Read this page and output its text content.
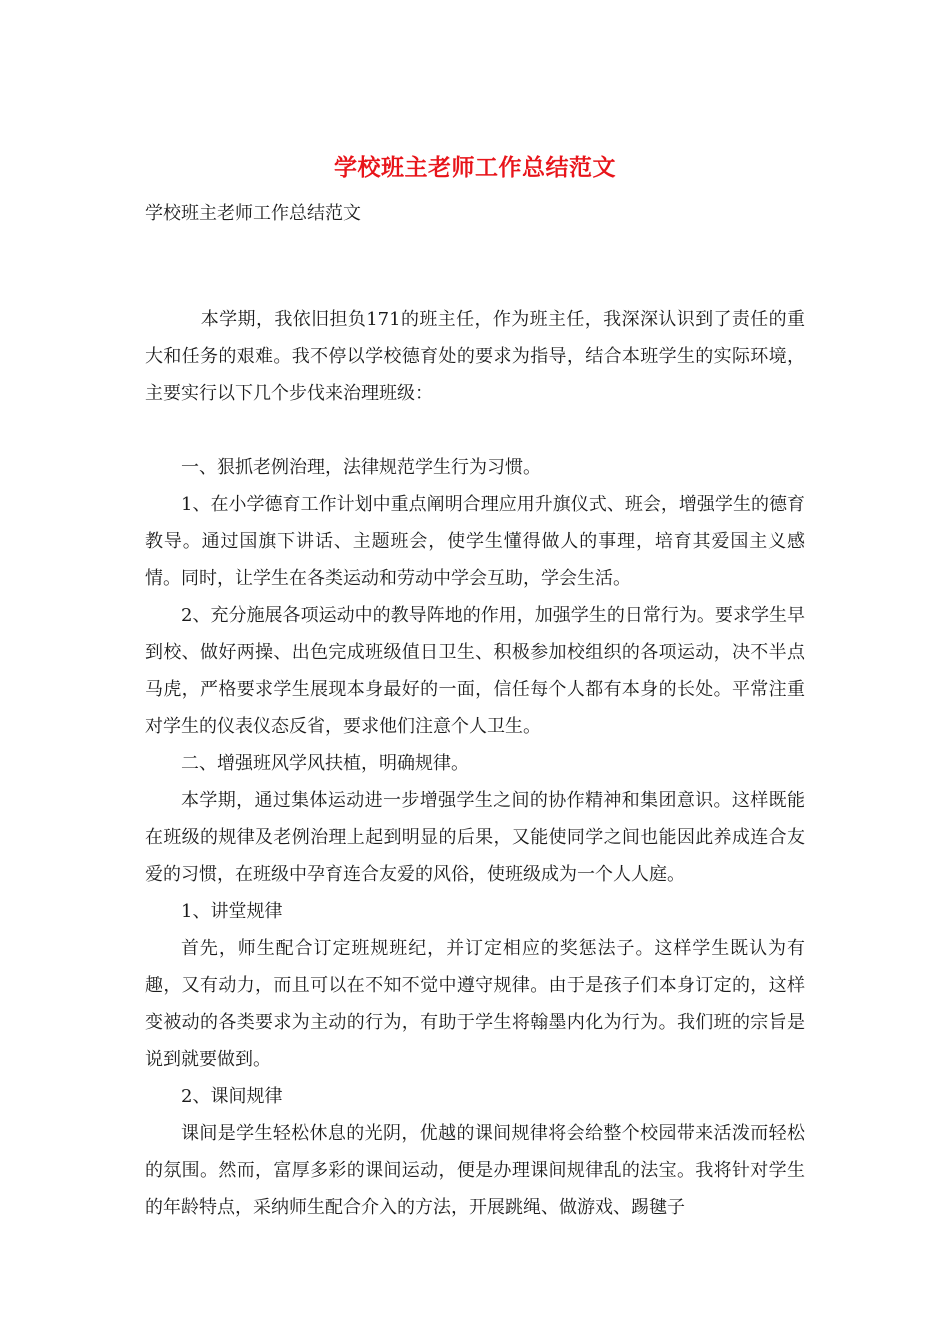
学校班主老师工作总结范文
学校班主老师工作总结范文

本学期，我依旧担负171的班主任，作为班主任，我深深认识到了责任的重大和任务的艰难。我不停以学校德育处的要求为指导，结合本班学生的实际环境，主要实行以下几个步伐来治理班级：

一、狠抓老例治理，法律规范学生行为习惯。

1、在小学德育工作计划中重点阐明合理应用升旗仪式、班会，增强学生的德育教导。通过国旗下讲话、主题班会，使学生懂得做人的事理，培育其爱国主义感情。同时，让学生在各类运动和劳动中学会互助，学会生活。

2、充分施展各项运动中的教导阵地的作用，加强学生的日常行为。要求学生早到校、做好两操、出色完成班级值日卫生、积极参加校组织的各项运动，决不半点马虎，严格要求学生展现本身最好的一面，信任每个人都有本身的长处。平常注重对学生的仪表仪态反省，要求他们注意个人卫生。

二、增强班风学风扶植，明确规律。

本学期，通过集体运动进一步增强学生之间的协作精神和集团意识。这样既能在班级的规律及老例治理上起到明显的后果，又能使同学之间也能因此养成连合友爱的习惯，在班级中孕育连合友爱的风俗，使班级成为一个人人庭。

1、讲堂规律

首先，师生配合订定班规班纪，并订定相应的奖惩法子。这样学生既认为有趣，又有动力，而且可以在不知不觉中遵守规律。由于是孩子们本身订定的，这样变被动的各类要求为主动的行为，有助于学生将翰墨内化为行为。我们班的宗旨是 说到就要做到。

2、课间规律

课间是学生轻松休息的光阴，优越的课间规律将会给整个校园带来活泼而轻松的氛围。然而，富厚多彩的课间运动，便是办理课间规律乱的法宝。我将针对学生的年龄特点，采纳师生配合介入的方法，开展跳绳、做游戏、踢毽子
